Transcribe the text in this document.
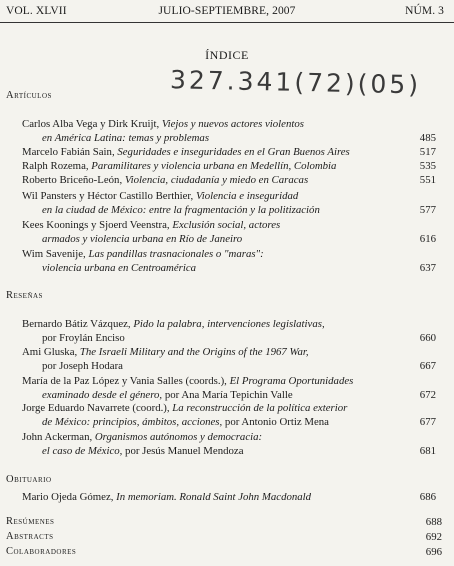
VOL. XLVII	JULIO-SEPTIEMBRE, 2007	NÚM. 3
ÍNDICE
327.341(72)(05)
Artículos
Carlos Alba Vega y Dirk Kruijt, Viejos y nuevos actores violentos
en América Latina: temas y problemas	485
Marcelo Fabián Sain, Seguridades e inseguridades en el Gran Buenos Aires	517
Ralph Rozema, Paramilitares y violencia urbana en Medellín, Colombia	535
Roberto Briceño-León, Violencia, ciudadanía y miedo en Caracas	551
Wil Pansters y Héctor Castillo Berthier, Violencia e inseguridad
en la ciudad de México: entre la fragmentación y la politización	577
Kees Koonings y Sjoerd Veenstra, Exclusión social, actores
armados y violencia urbana en Río de Janeiro	616
Wim Savenije, Las pandillas trasnacionales o "maras":
violencia urbana en Centroamérica	637
Reseñas
Bernardo Bátiz Vázquez, Pido la palabra, intervenciones legislativas,
por Froylán Enciso	660
Ami Gluska, The Israeli Military and the Origins of the 1967 War,
por Joseph Hodara	667
María de la Paz López y Vania Salles (coords.), El Programa Oportunidades
examinado desde el género, por Ana María Tepichin Valle	672
Jorge Eduardo Navarrete (coord.), La reconstrucción de la política exterior
de México: principios, ámbitos, acciones, por Antonio Ortiz Mena	677
John Ackerman, Organismos autónomos y democracia:
el caso de México, por Jesús Manuel Mendoza	681
Obituario
Mario Ojeda Gómez, In memoriam. Ronald Saint John Macdonald	686
Resúmenes	688
Abstracts	692
Colaboradores	696
